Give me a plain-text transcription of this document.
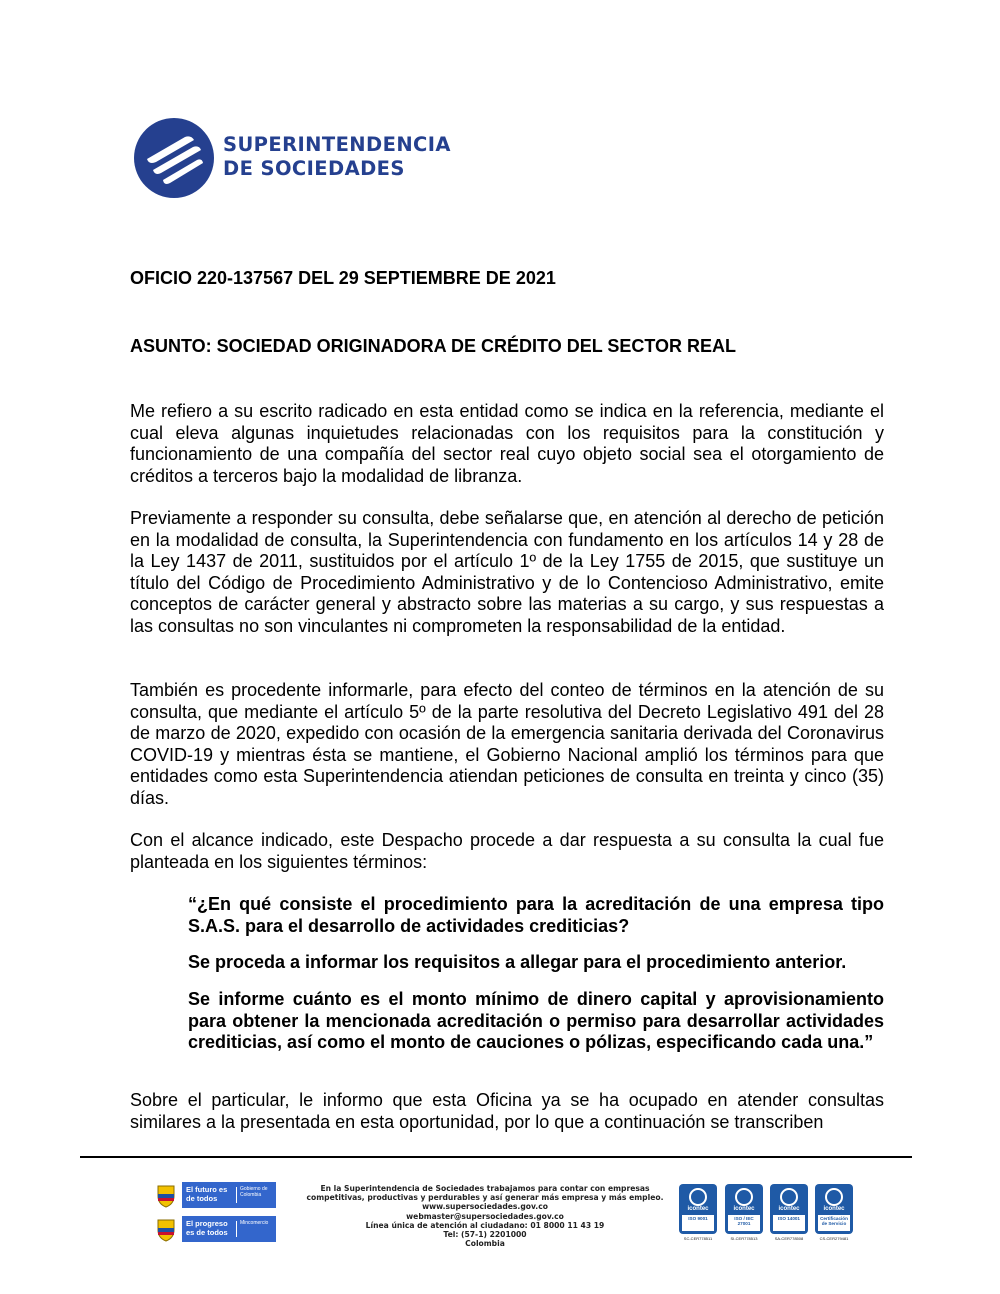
SUPERINTENDENCIA
DE SOCIEDADES
OFICIO 220-137567 DEL 29 SEPTIEMBRE DE 2021
ASUNTO: SOCIEDAD ORIGINADORA DE CRÉDITO DEL SECTOR REAL
Me refiero a su escrito radicado en esta entidad como se indica en la referencia, mediante el cual eleva algunas inquietudes relacionadas con los requisitos para la constitución y funcionamiento de una compañía del sector real cuyo objeto social sea el otorgamiento de créditos a terceros bajo la modalidad de libranza.
Previamente a responder su consulta, debe señalarse que, en atención al derecho de petición en la modalidad de consulta, la Superintendencia con fundamento en los artículos 14 y 28 de la Ley 1437 de 2011, sustituidos por el artículo 1º de la Ley 1755 de 2015, que sustituye un título del Código de Procedimiento Administrativo y de lo Contencioso Administrativo, emite conceptos de carácter general y abstracto sobre las materias a su cargo, y sus respuestas a las consultas no son vinculantes ni comprometen la responsabilidad de la entidad.
También es procedente informarle, para efecto del conteo de términos en la atención de su consulta, que mediante el artículo 5º de la parte resolutiva del Decreto Legislativo 491 del 28 de marzo de 2020, expedido con ocasión de la emergencia sanitaria derivada del Coronavirus COVID-19 y mientras ésta se mantiene, el Gobierno Nacional amplió los términos para que entidades como esta Superintendencia atiendan peticiones de consulta en treinta y cinco (35) días.
Con el alcance indicado, este Despacho procede a dar respuesta a su consulta la cual fue planteada en los siguientes términos:
“¿En qué consiste el procedimiento para la acreditación de una empresa tipo S.A.S. para el desarrollo de actividades crediticias?
Se proceda a informar los requisitos a allegar para el procedimiento anterior.
Se informe cuánto es el monto mínimo de dinero capital y aprovisionamiento para obtener la mencionada acreditación o permiso para desarrollar actividades crediticias, así como el monto de cauciones o pólizas, especificando cada una.”
Sobre el particular, le informo que esta Oficina ya se ha ocupado en atender consultas similares a la presentada en esta oportunidad, por lo que a continuación se transcriben
El futuro es de todos
Gobierno de Colombia
El progreso es de todos
Mincomercio
En la Superintendencia de Sociedades trabajamos para contar con empresas
competitivas, productivas y perdurables y así generar más empresa y más empleo.
www.supersociedades.gov.co
webmaster@supersociedades.gov.co
Línea única de atención al ciudadano: 01 8000 11 43 19
Tel: (57-1) 2201000
Colombia
icontec
ISO 9001
SC-CER778511
icontec
ISO / IEC 27001
SI-CER778513
icontec
ISO 14001
SA-CER778508
icontec
Certificación de Servicio
CS-CER279481
